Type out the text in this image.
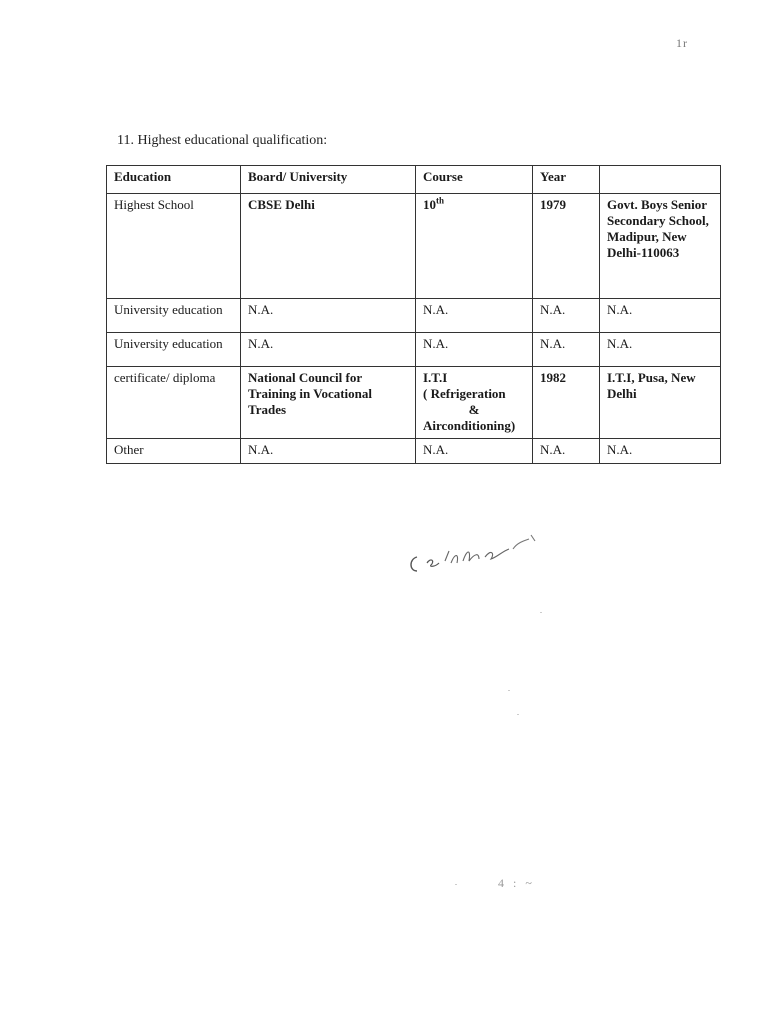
1r
11. Highest educational qualification:
Education	Board/ University	Course	Year	
Highest School	CBSE Delhi	10th	1979	Govt. Boys Senior Secondary School, Madipur, New Delhi-110063
University education	N.A.	N.A.	N.A.	N.A.
University education	N.A.	N.A.	N.A.	N.A.
certificate/ diploma	National Council for Training in Vocational Trades	I.T.I
( Refrigeration
&
Airconditioning)	1982	I.T.I, Pusa, New Delhi
Other	N.A.	N.A.	N.A.	N.A.
4 : ~
